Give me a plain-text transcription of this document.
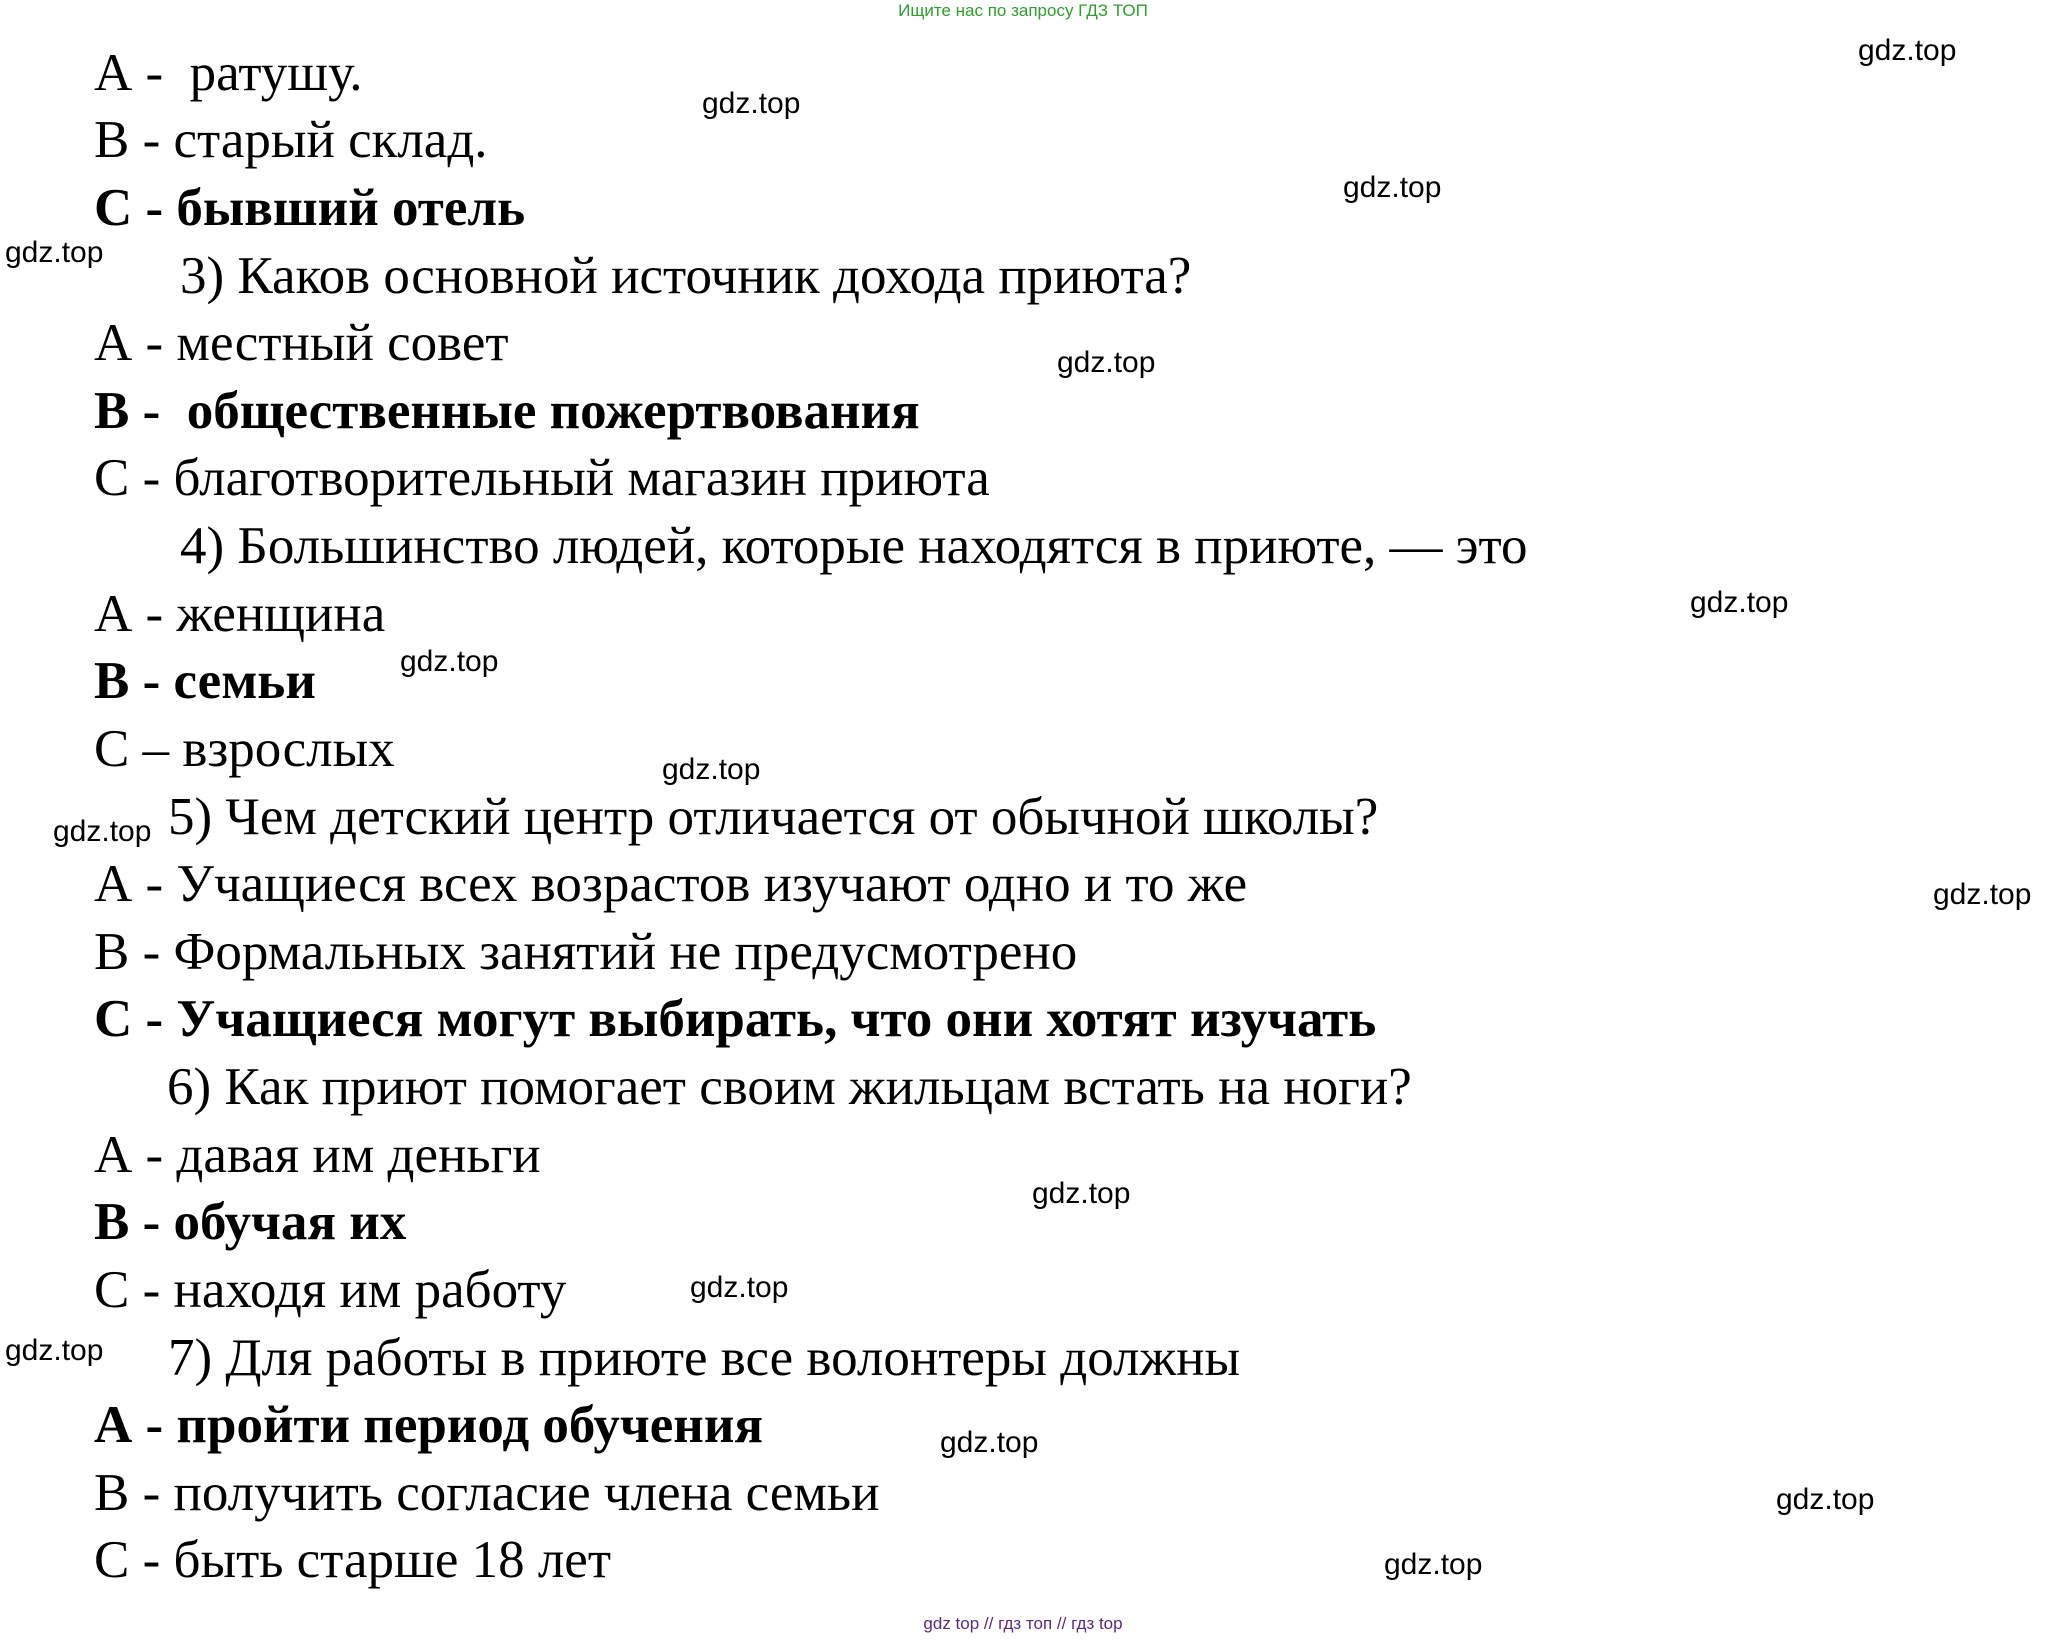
Ищите нас по запросу ГДЗ ТОП
А -  ратушу.
В - старый склад.
С - бывший отель
3) Каков основной источник дохода приюта?
А - местный совет
В -  общественные пожертвования
С - благотворительный магазин приюта
4) Большинство людей, которые находятся в приюте, — это
А - женщина
В - семьи
С – взрослых
5) Чем детский центр отличается от обычной школы?
А - Учащиеся всех возрастов изучают одно и то же
В - Формальных занятий не предусмотрено
С - Учащиеся могут выбирать, что они хотят изучать
6) Как приют помогает своим жильцам встать на ноги?
А - давая им деньги
В - обучая их
С - находя им работу
7) Для работы в приюте все волонтеры должны
А - пройти период обучения
В - получить согласие члена семьи
С - быть старше 18 лет
gdz.top
gdz.top
gdz.top
gdz.top
gdz.top
gdz.top
gdz.top
gdz.top
gdz.top
gdz.top
gdz.top
gdz.top
gdz.top
gdz.top
gdz.top
gdz.top
gdz top // гдз топ // гдз top
